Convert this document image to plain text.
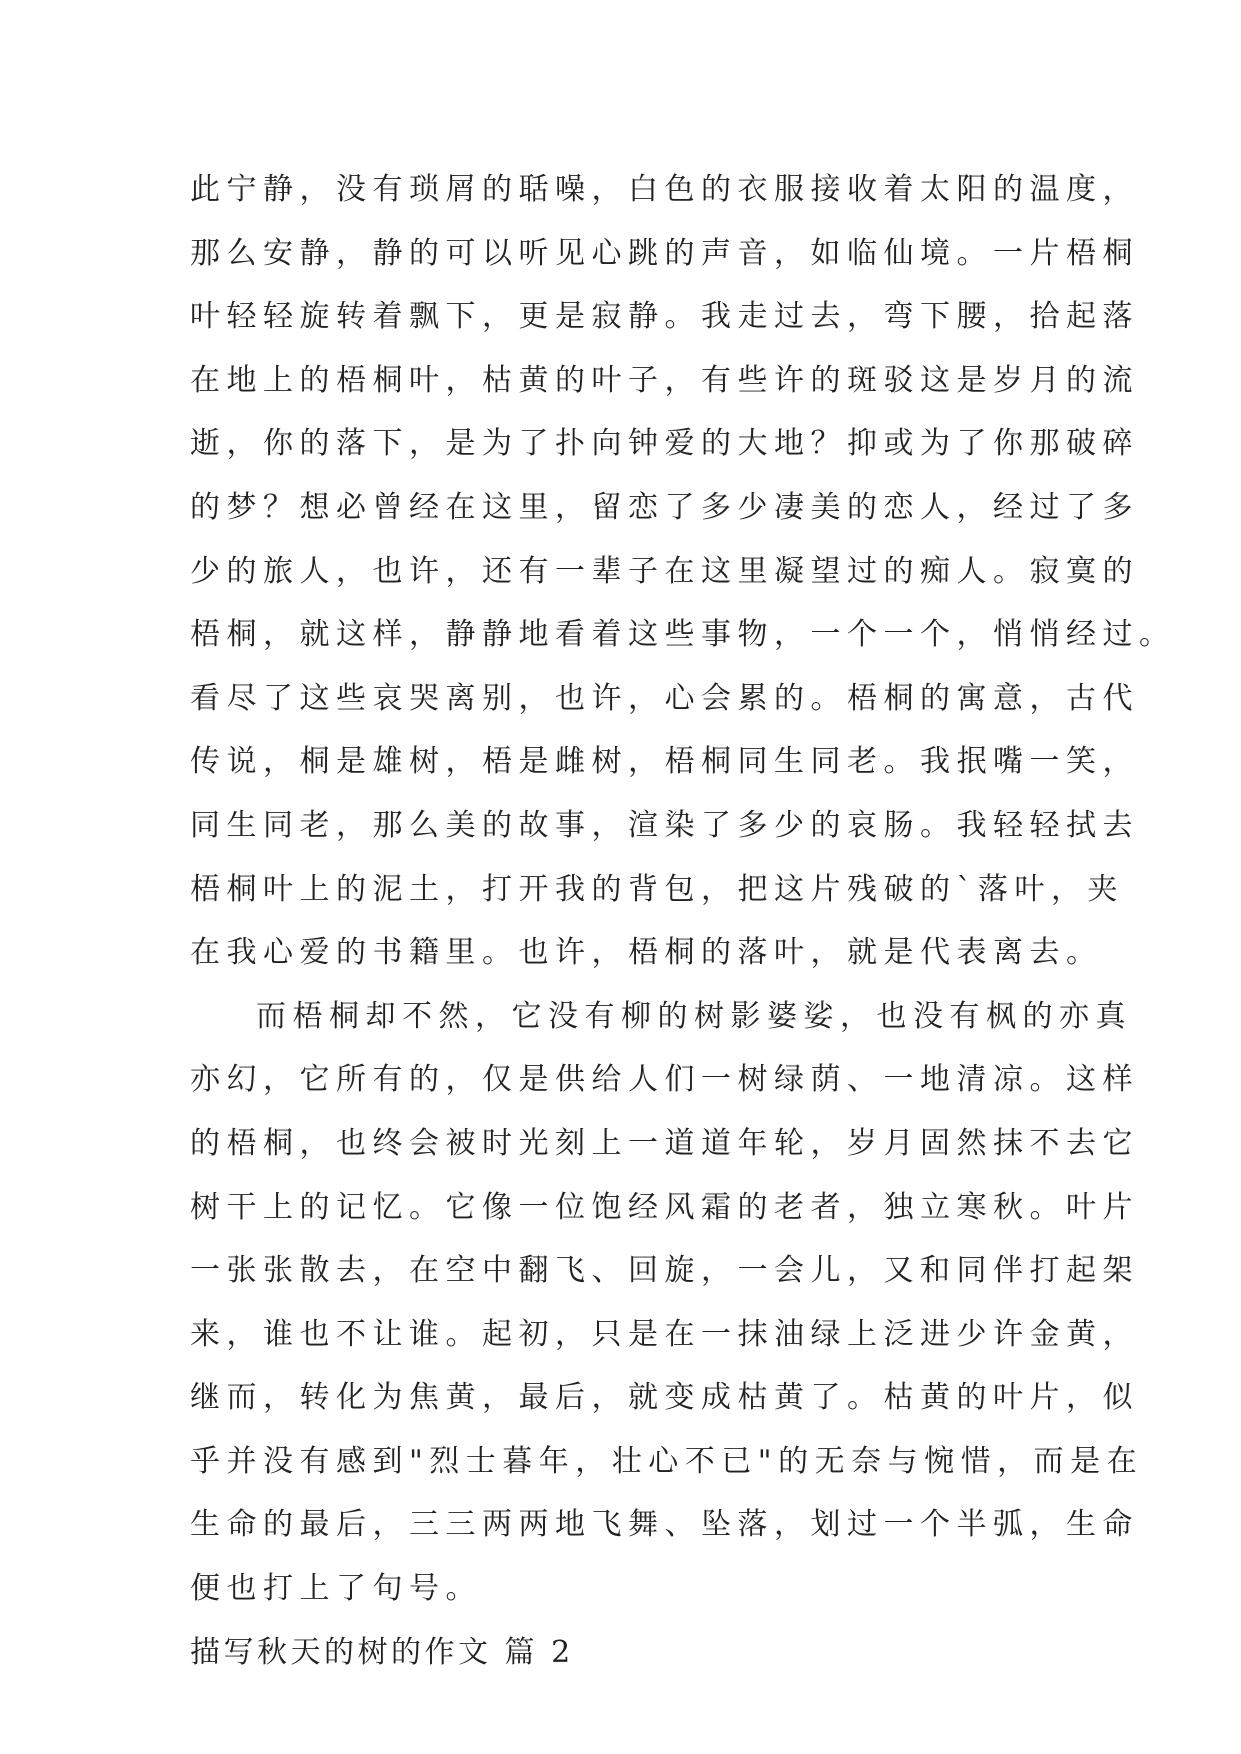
此宁静，没有琐屑的聒噪，白色的衣服接收着太阳的温度，
那么安静，静的可以听见心跳的声音，如临仙境。一片梧桐
叶轻轻旋转着飘下，更是寂静。我走过去，弯下腰，拾起落
在地上的梧桐叶，枯黄的叶子，有些许的斑驳这是岁月的流
逝，你的落下，是为了扑向钟爱的大地？抑或为了你那破碎
的梦？想必曾经在这里，留恋了多少凄美的恋人，经过了多
少的旅人，也许，还有一辈子在这里凝望过的痴人。寂寞的
梧桐，就这样，静静地看着这些事物，一个一个，悄悄经过。
看尽了这些哀哭离别，也许，心会累的。梧桐的寓意，古代
传说，桐是雄树，梧是雌树，梧桐同生同老。我抿嘴一笑，
同生同老，那么美的故事，渲染了多少的哀肠。我轻轻拭去
梧桐叶上的泥土，打开我的背包，把这片残破的`落叶，夹
在我心爱的书籍里。也许，梧桐的落叶，就是代表离去。
而梧桐却不然，它没有柳的树影婆娑，也没有枫的亦真
亦幻，它所有的，仅是供给人们一树绿荫、一地清凉。这样
的梧桐，也终会被时光刻上一道道年轮，岁月固然抹不去它
树干上的记忆。它像一位饱经风霜的老者，独立寒秋。叶片
一张张散去，在空中翻飞、回旋，一会儿，又和同伴打起架
来，谁也不让谁。起初，只是在一抹油绿上泛进少许金黄，
继而，转化为焦黄，最后，就变成枯黄了。枯黄的叶片，似
乎并没有感到"烈士暮年，壮心不已"的无奈与惋惜，而是在
生命的最后，三三两两地飞舞、坠落，划过一个半弧，生命
便也打上了句号。
描写秋天的树的作文 篇 2
